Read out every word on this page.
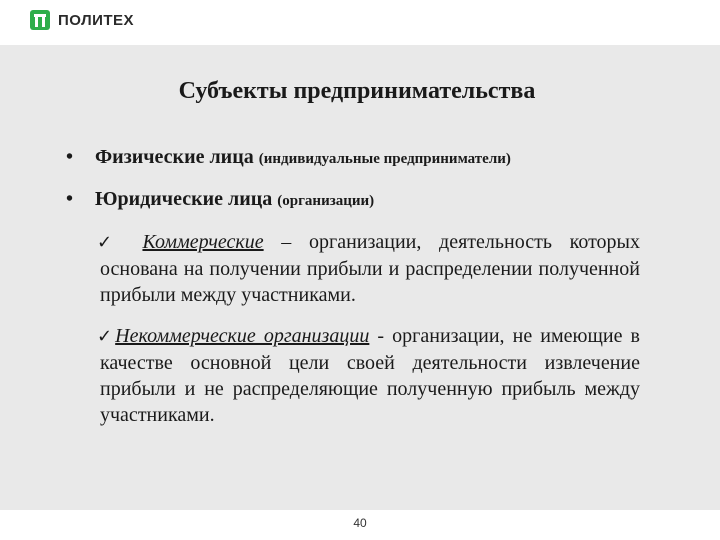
ПОЛИТЕХ
Субъекты предпринимательства
•	Физические лица (индивидуальные предприниматели)
•	Юридические лица (организации)
✓ Коммерческие – организации, деятельность которых основана на получении прибыли и распределении полученной прибыли между участниками.
✓Некоммерческие организации - организации, не имеющие в качестве основной цели своей деятельности извлечение прибыли и не распределяющие полученную прибыль между участниками.
40
